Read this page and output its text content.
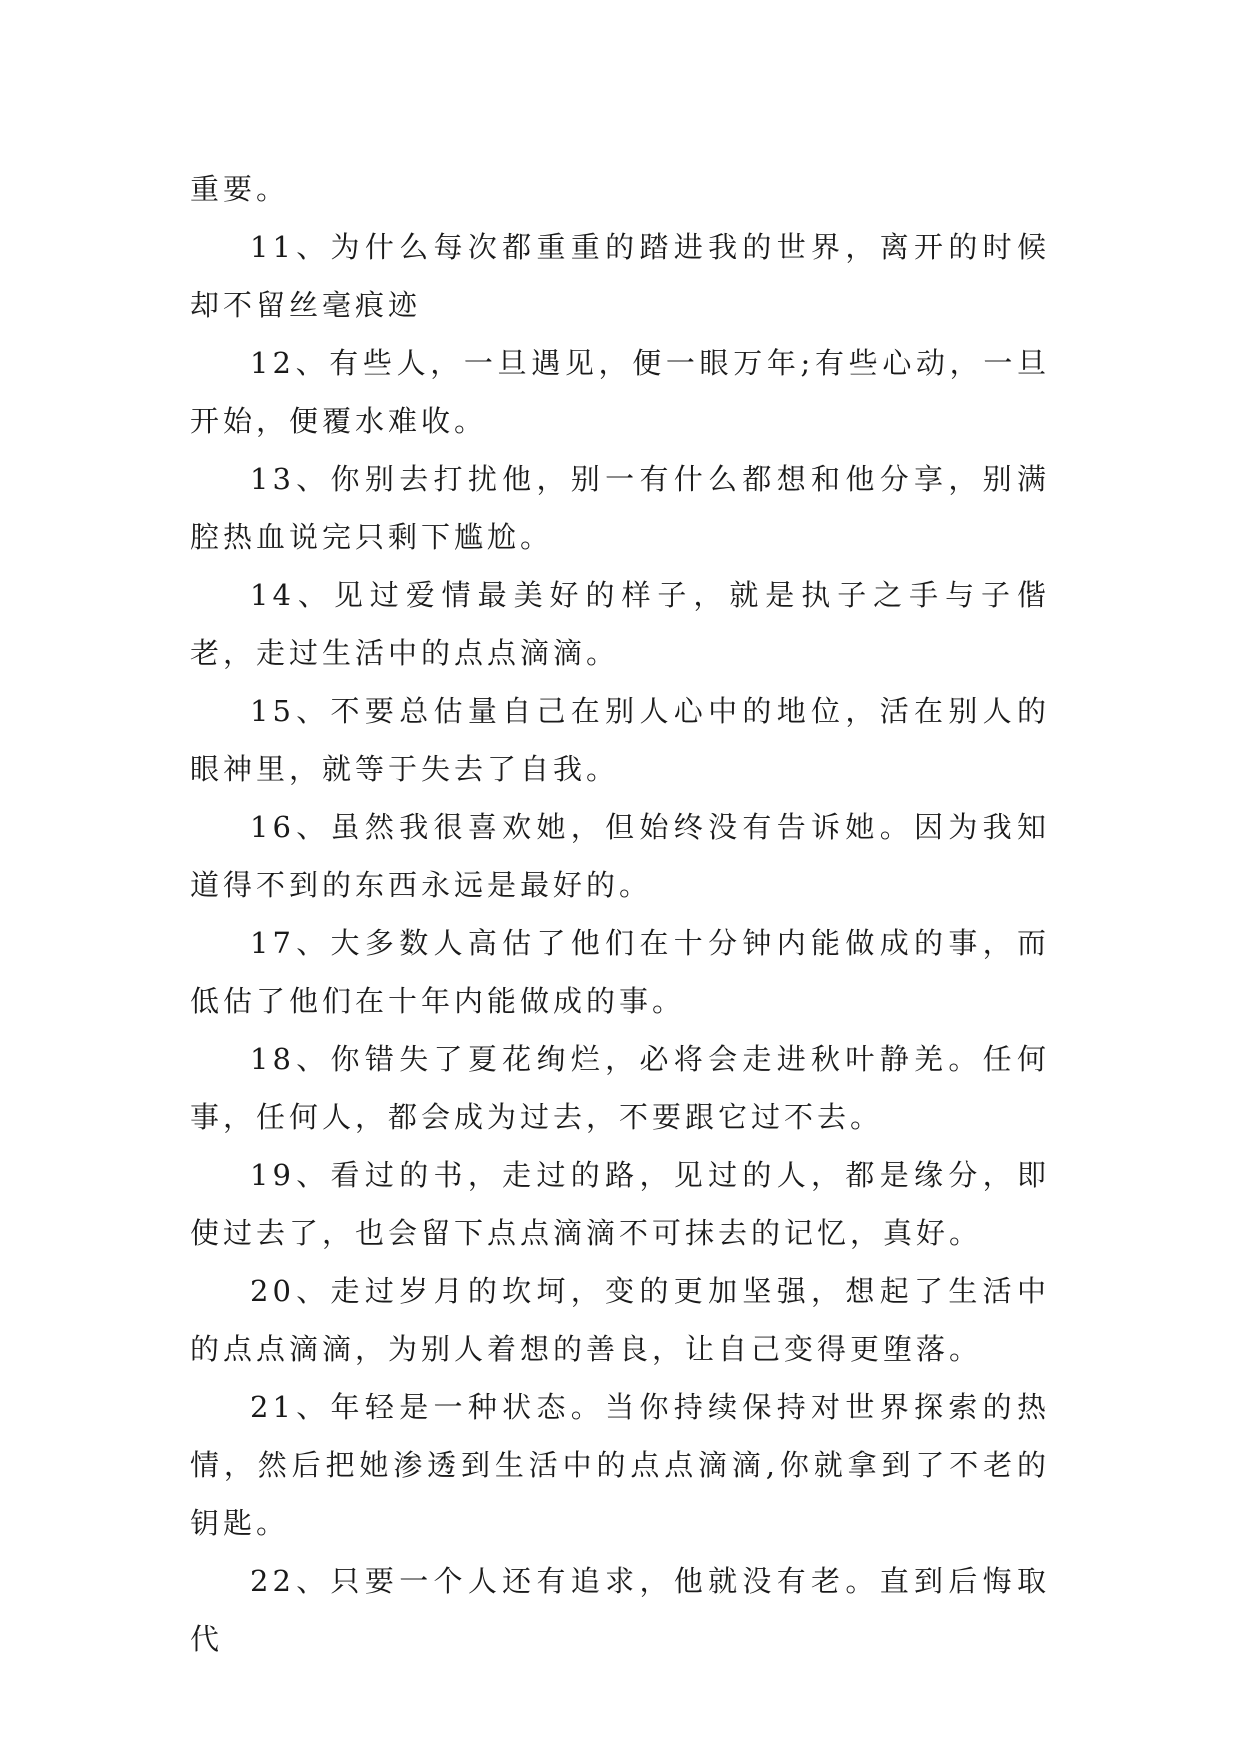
重要。

11、为什么每次都重重的踏进我的世界，离开的时候却不留丝毫痕迹

12、有些人，一旦遇见，便一眼万年;有些心动，一旦开始，便覆水难收。

13、你别去打扰他，别一有什么都想和他分享，别满腔热血说完只剩下尴尬。

14、见过爱情最美好的样子，就是执子之手与子偕老，走过生活中的点点滴滴。

15、不要总估量自己在别人心中的地位，活在别人的眼神里，就等于失去了自我。

16、虽然我很喜欢她，但始终没有告诉她。因为我知道得不到的东西永远是最好的。

17、大多数人高估了他们在十分钟内能做成的事，而低估了他们在十年内能做成的事。

18、你错失了夏花绚烂，必将会走进秋叶静羌。任何事，任何人，都会成为过去，不要跟它过不去。

19、看过的书，走过的路，见过的人，都是缘分，即使过去了，也会留下点点滴滴不可抹去的记忆，真好。

20、走过岁月的坎坷，变的更加坚强，想起了生活中的点点滴滴，为别人着想的善良，让自己变得更堕落。

21、年轻是一种状态。当你持续保持对世界探索的热情，然后把她渗透到生活中的点点滴滴,你就拿到了不老的钥匙。

22、只要一个人还有追求，他就没有老。直到后悔取代
